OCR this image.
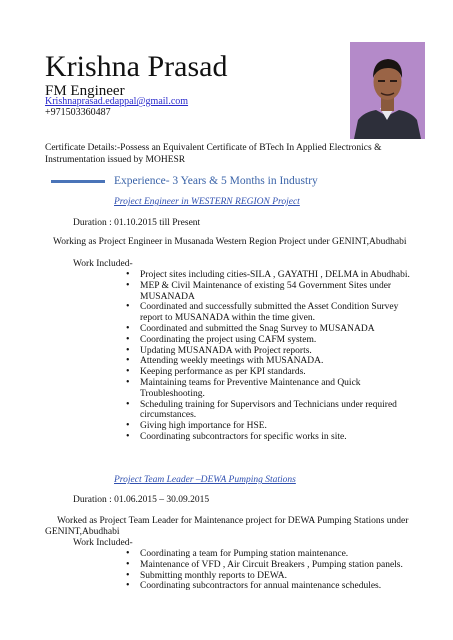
Krishna Prasad
FM Engineer
Krishnaprasad.edappal@gmail.com
+971503360487
Certificate Details:-Possess an Equivalent Certificate of BTech In Applied Electronics & Instrumentation issued by MOHESR
Experience- 3 Years & 5 Months in Industry
Project Engineer in WESTERN REGION Project
Duration : 01.10.2015 till Present
Working as Project Engineer in Musanada Western Region Project under GENINT,Abudhabi
Work Included-
• Project sites including cities-SILA , GAYATHI , DELMA in Abudhabi.
• MEP & Civil Maintenance of existing 54 Government Sites under MUSANADA
• Coordinated and successfully submitted the Asset Condition Survey report to MUSANADA within the time given.
• Coordinated and submitted the Snag Survey to MUSANADA
• Coordinating the project using CAFM system.
• Updating MUSANADA with Project reports.
• Attending weekly meetings with MUSANADA.
• Keeping performance as per KPI standards.
• Maintaining teams for Preventive Maintenance and Quick Troubleshooting.
• Scheduling training for Supervisors and Technicians under required circumstances.
• Giving high importance for HSE.
• Coordinating subcontractors for specific works in site.
Project Team Leader –DEWA Pumping Stations
Duration : 01.06.2015 – 30.09.2015
Worked as Project Team Leader for Maintenance project for DEWA Pumping Stations under GENINT,Abudhabi
Work Included-
• Coordinating a team for Pumping station maintenance.
• Maintenance of VFD , Air Circuit Breakers , Pumping station panels.
• Submitting monthly reports to DEWA.
• Coordinating subcontractors for annual maintenance schedules.
